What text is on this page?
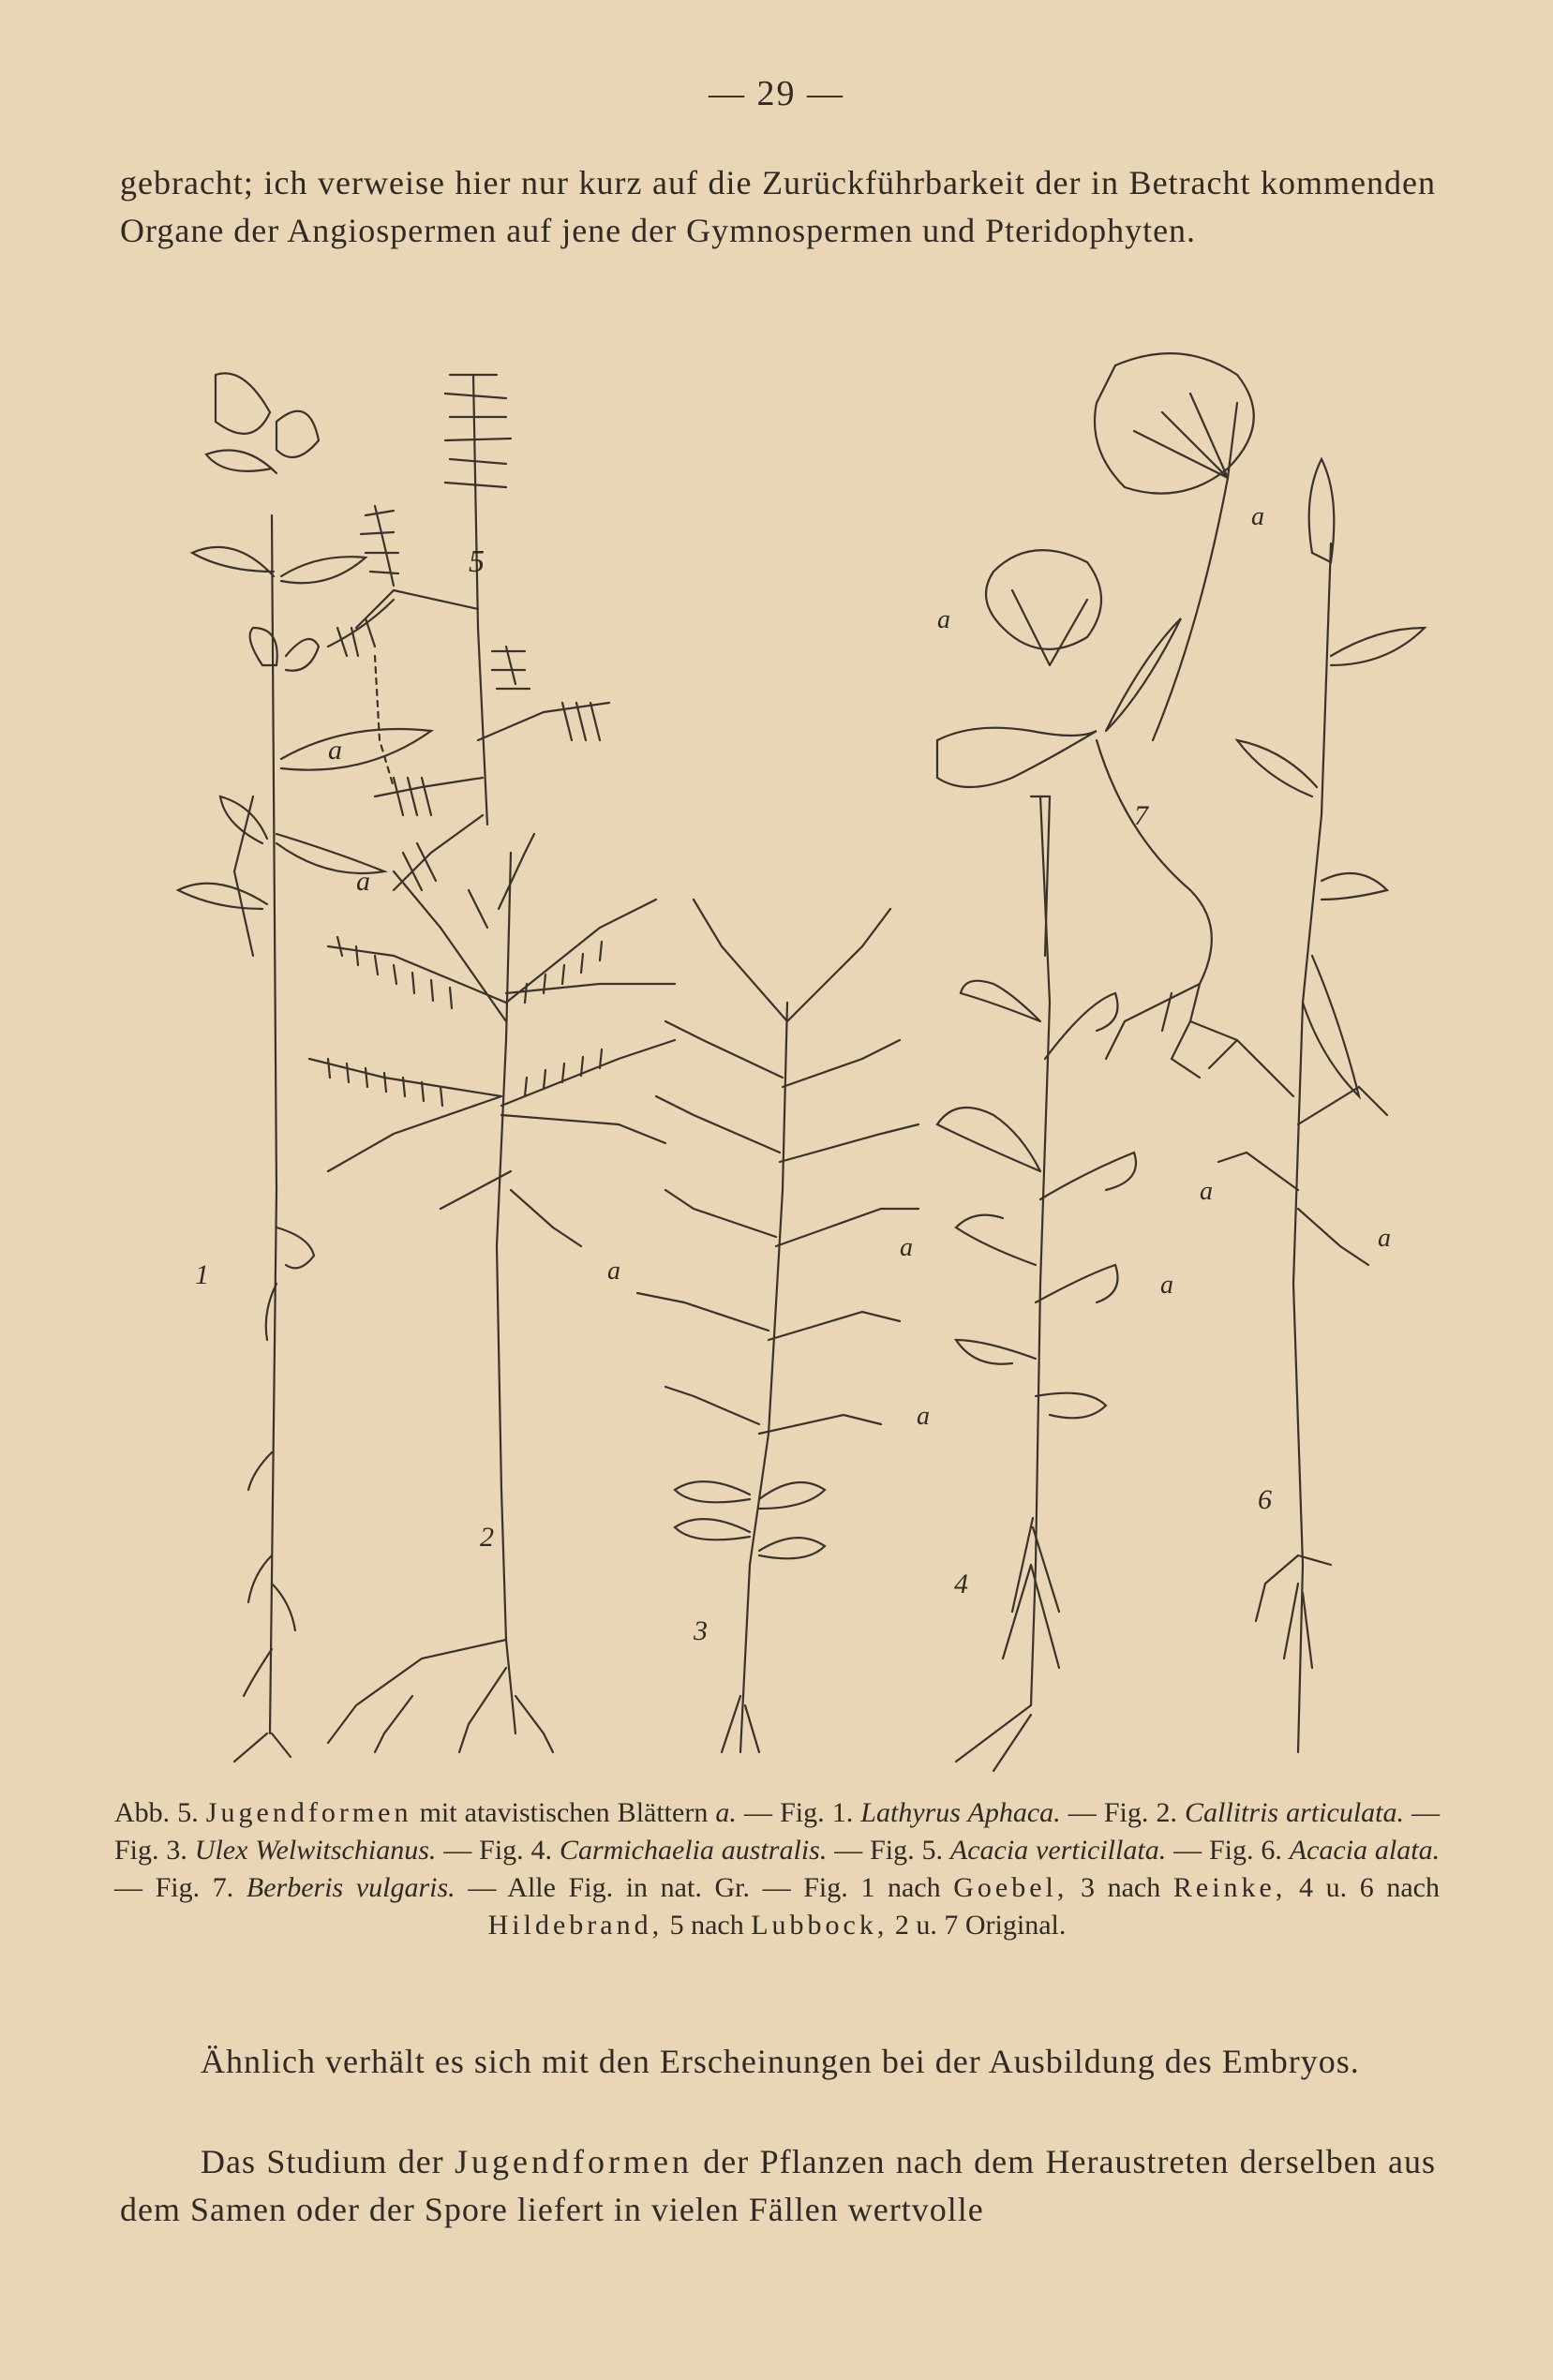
— 29 —

gebracht; ich verweise hier nur kurz auf die Zurückführbarkeit der in Betracht kommenden Organe der Angiospermen auf jene der Gymnospermen und Pteridophyten.

5
a
2
a
3
a
4
a
a
7
a
a
6
a
a
1
a

Abb. 5. Jugendformen mit atavistischen Blättern a. — Fig. 1. Lathyrus Aphaca. — Fig. 2. Callitris articulata. — Fig. 3. Ulex Welwitschianus. — Fig. 4. Carmichaelia australis. — Fig. 5. Acacia verticillata. — Fig. 6. Acacia alata. — Fig. 7. Berberis vulgaris. — Alle Fig. in nat. Gr. — Fig. 1 nach Goebel, 3 nach Reinke, 4 u. 6 nach Hildebrand, 5 nach Lubbock, 2 u. 7 Original.

Ähnlich verhält es sich mit den Erscheinungen bei der Ausbildung des Embryos.

Das Studium der Jugendformen der Pflanzen nach dem Heraustreten derselben aus dem Samen oder der Spore liefert in vielen Fällen wertvolle
